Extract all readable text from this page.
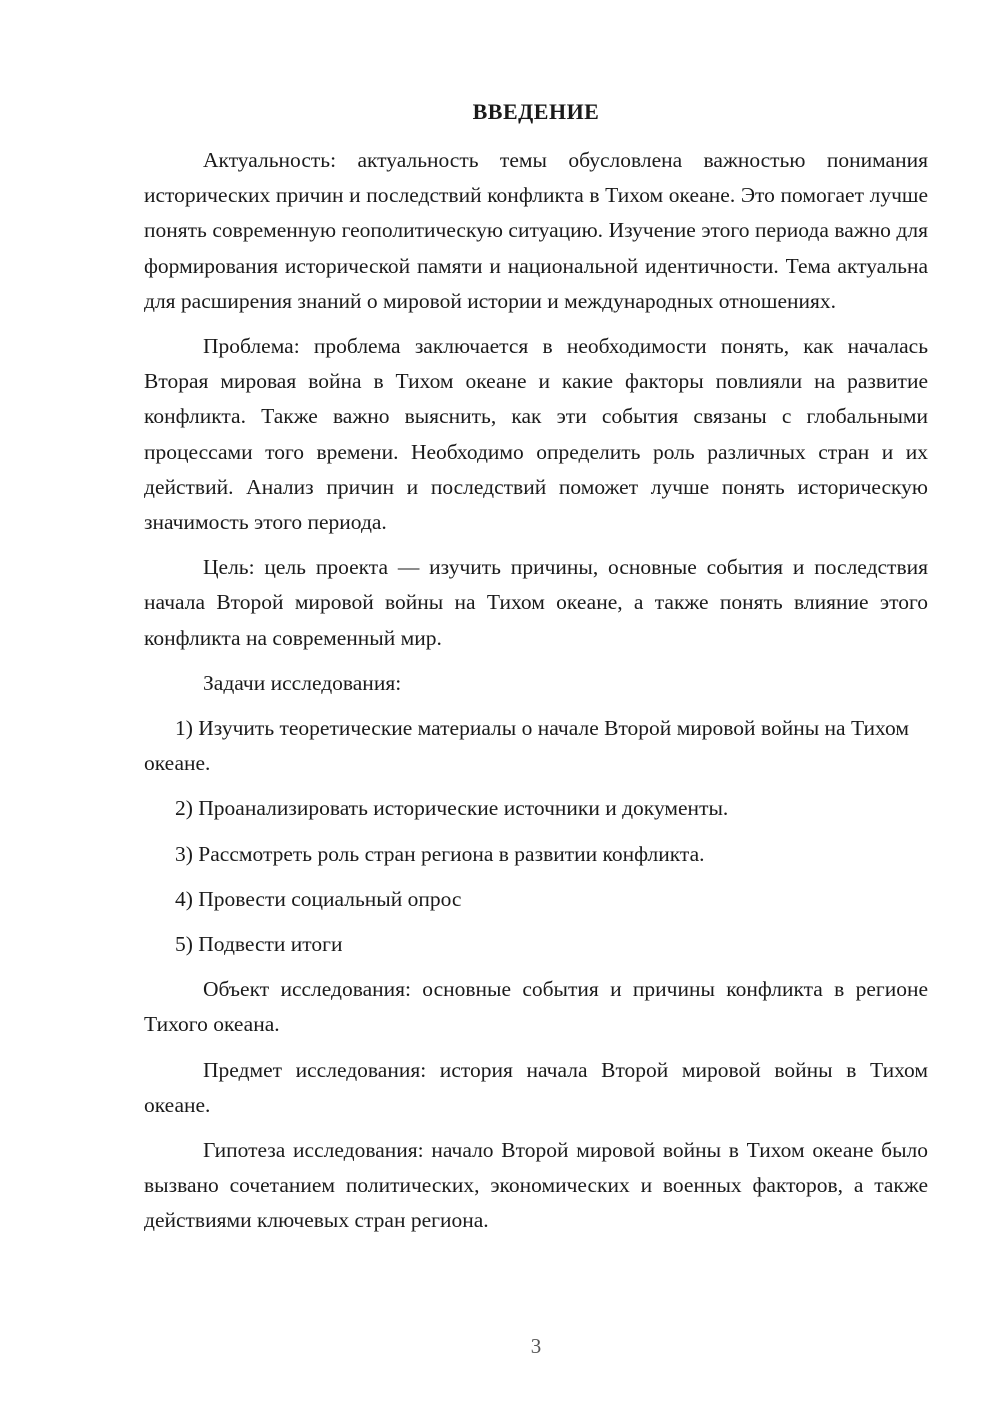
ВВЕДЕНИЕ

Актуальность: актуальность темы обусловлена важностью понимания исторических причин и последствий конфликта в Тихом океане. Это помогает лучше понять современную геополитическую ситуацию. Изучение этого периода важно для формирования исторической памяти и национальной идентичности. Тема актуальна для расширения знаний о мировой истории и международных отношениях.

Проблема: проблема заключается в необходимости понять, как началась Вторая мировая война в Тихом океане и какие факторы повлияли на развитие конфликта. Также важно выяснить, как эти события связаны с глобальными процессами того времени. Необходимо определить роль различных стран и их действий. Анализ причин и последствий поможет лучше понять историческую значимость этого периода.

Цель: цель проекта — изучить причины, основные события и последствия начала Второй мировой войны на Тихом океане, а также понять влияние этого конфликта на современный мир.

Задачи исследования:

1) Изучить теоретические материалы о начале Второй мировой войны на Тихом океане.

2) Проанализировать исторические источники и документы.

3) Рассмотреть роль стран региона в развитии конфликта.

4) Провести социальный опрос

5) Подвести итоги

Объект исследования: основные события и причины конфликта в регионе Тихого океана.

Предмет исследования: история начала Второй мировой войны в Тихом океане.

Гипотеза исследования: начало Второй мировой войны в Тихом океане было вызвано сочетанием политических, экономических и военных факторов, а также действиями ключевых стран региона.

3
